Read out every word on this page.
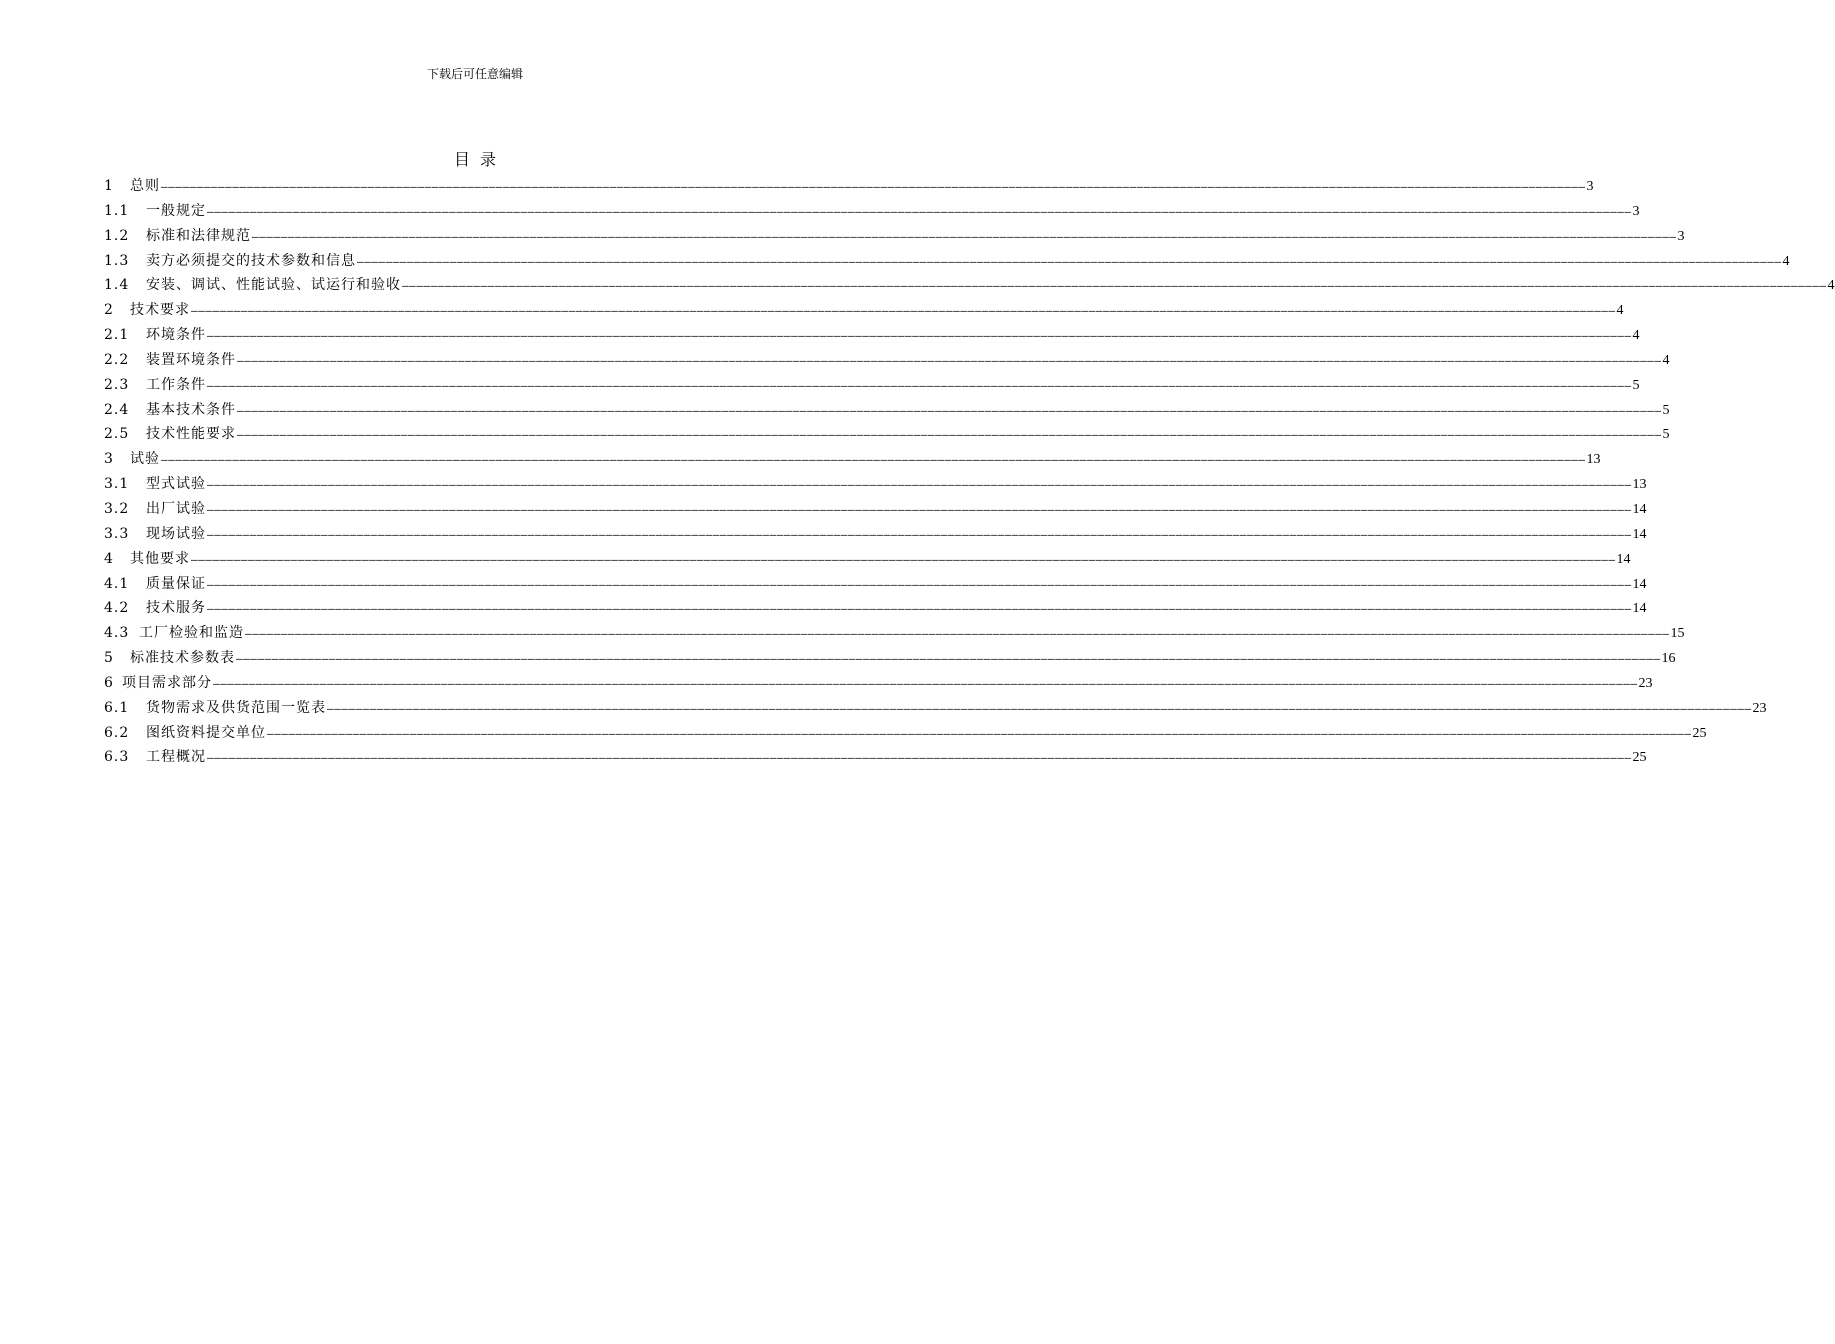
下载后可任意编辑
目录
1	总则 ———————————————————————————————————————————————————————————————————————————————————————————————————————————————————————————————————————————————————————————————————————————————————————————————————————— 3
1.1	一般规定 ———————————————————————————————————————————————————————————————————————————————————————————————————————————————————————————————————————————————————————————————————————————————————————————————————————— 3
1.2	标准和法律规范 ———————————————————————————————————————————————————————————————————————————————————————————————————————————————————————————————————————————————————————————————————————————————————————————————————————— 3
1.3	卖方必须提交的技术参数和信息 ———————————————————————————————————————————————————————————————————————————————————————————————————————————————————————————————————————————————————————————————————————————————————————————————————————— 4
1.4	安装、调试、性能试验、试运行和验收 ———————————————————————————————————————————————————————————————————————————————————————————————————————————————————————————————————————————————————————————————————————————————————————————————————————— 4
2	技术要求 ———————————————————————————————————————————————————————————————————————————————————————————————————————————————————————————————————————————————————————————————————————————————————————————————————————— 4
2.1	环境条件 ———————————————————————————————————————————————————————————————————————————————————————————————————————————————————————————————————————————————————————————————————————————————————————————————————————— 4
2.2	装置环境条件 ———————————————————————————————————————————————————————————————————————————————————————————————————————————————————————————————————————————————————————————————————————————————————————————————————————— 4
2.3	工作条件 ———————————————————————————————————————————————————————————————————————————————————————————————————————————————————————————————————————————————————————————————————————————————————————————————————————— 5
2.4	基本技术条件 ———————————————————————————————————————————————————————————————————————————————————————————————————————————————————————————————————————————————————————————————————————————————————————————————————————— 5
2.5	技术性能要求 ———————————————————————————————————————————————————————————————————————————————————————————————————————————————————————————————————————————————————————————————————————————————————————————————————————— 5
3	试验 ———————————————————————————————————————————————————————————————————————————————————————————————————————————————————————————————————————————————————————————————————————————————————————————————————————— 13
3.1	型式试验 ———————————————————————————————————————————————————————————————————————————————————————————————————————————————————————————————————————————————————————————————————————————————————————————————————————— 13
3.2	出厂试验 ———————————————————————————————————————————————————————————————————————————————————————————————————————————————————————————————————————————————————————————————————————————————————————————————————————— 14
3.3	现场试验 ———————————————————————————————————————————————————————————————————————————————————————————————————————————————————————————————————————————————————————————————————————————————————————————————————————— 14
4	其他要求 ———————————————————————————————————————————————————————————————————————————————————————————————————————————————————————————————————————————————————————————————————————————————————————————————————————— 14
4.1	质量保证 ———————————————————————————————————————————————————————————————————————————————————————————————————————————————————————————————————————————————————————————————————————————————————————————————————————— 14
4.2	技术服务 ———————————————————————————————————————————————————————————————————————————————————————————————————————————————————————————————————————————————————————————————————————————————————————————————————————— 14
4.3 工厂检验和监造 ———————————————————————————————————————————————————————————————————————————————————————————————————————————————————————————————————————————————————————————————————————————————————————————————————————— 15
5	标准技术参数表 ———————————————————————————————————————————————————————————————————————————————————————————————————————————————————————————————————————————————————————————————————————————————————————————————————————— 16
6 项目需求部分 ———————————————————————————————————————————————————————————————————————————————————————————————————————————————————————————————————————————————————————————————————————————————————————————————————————— 23
6.1	货物需求及供货范围一览表 ———————————————————————————————————————————————————————————————————————————————————————————————————————————————————————————————————————————————————————————————————————————————————————————————————————— 23
6.2	图纸资料提交单位 ———————————————————————————————————————————————————————————————————————————————————————————————————————————————————————————————————————————————————————————————————————————————————————————————————————— 25
6.3	工程概况 ———————————————————————————————————————————————————————————————————————————————————————————————————————————————————————————————————————————————————————————————————————————————————————————————————————— 25
